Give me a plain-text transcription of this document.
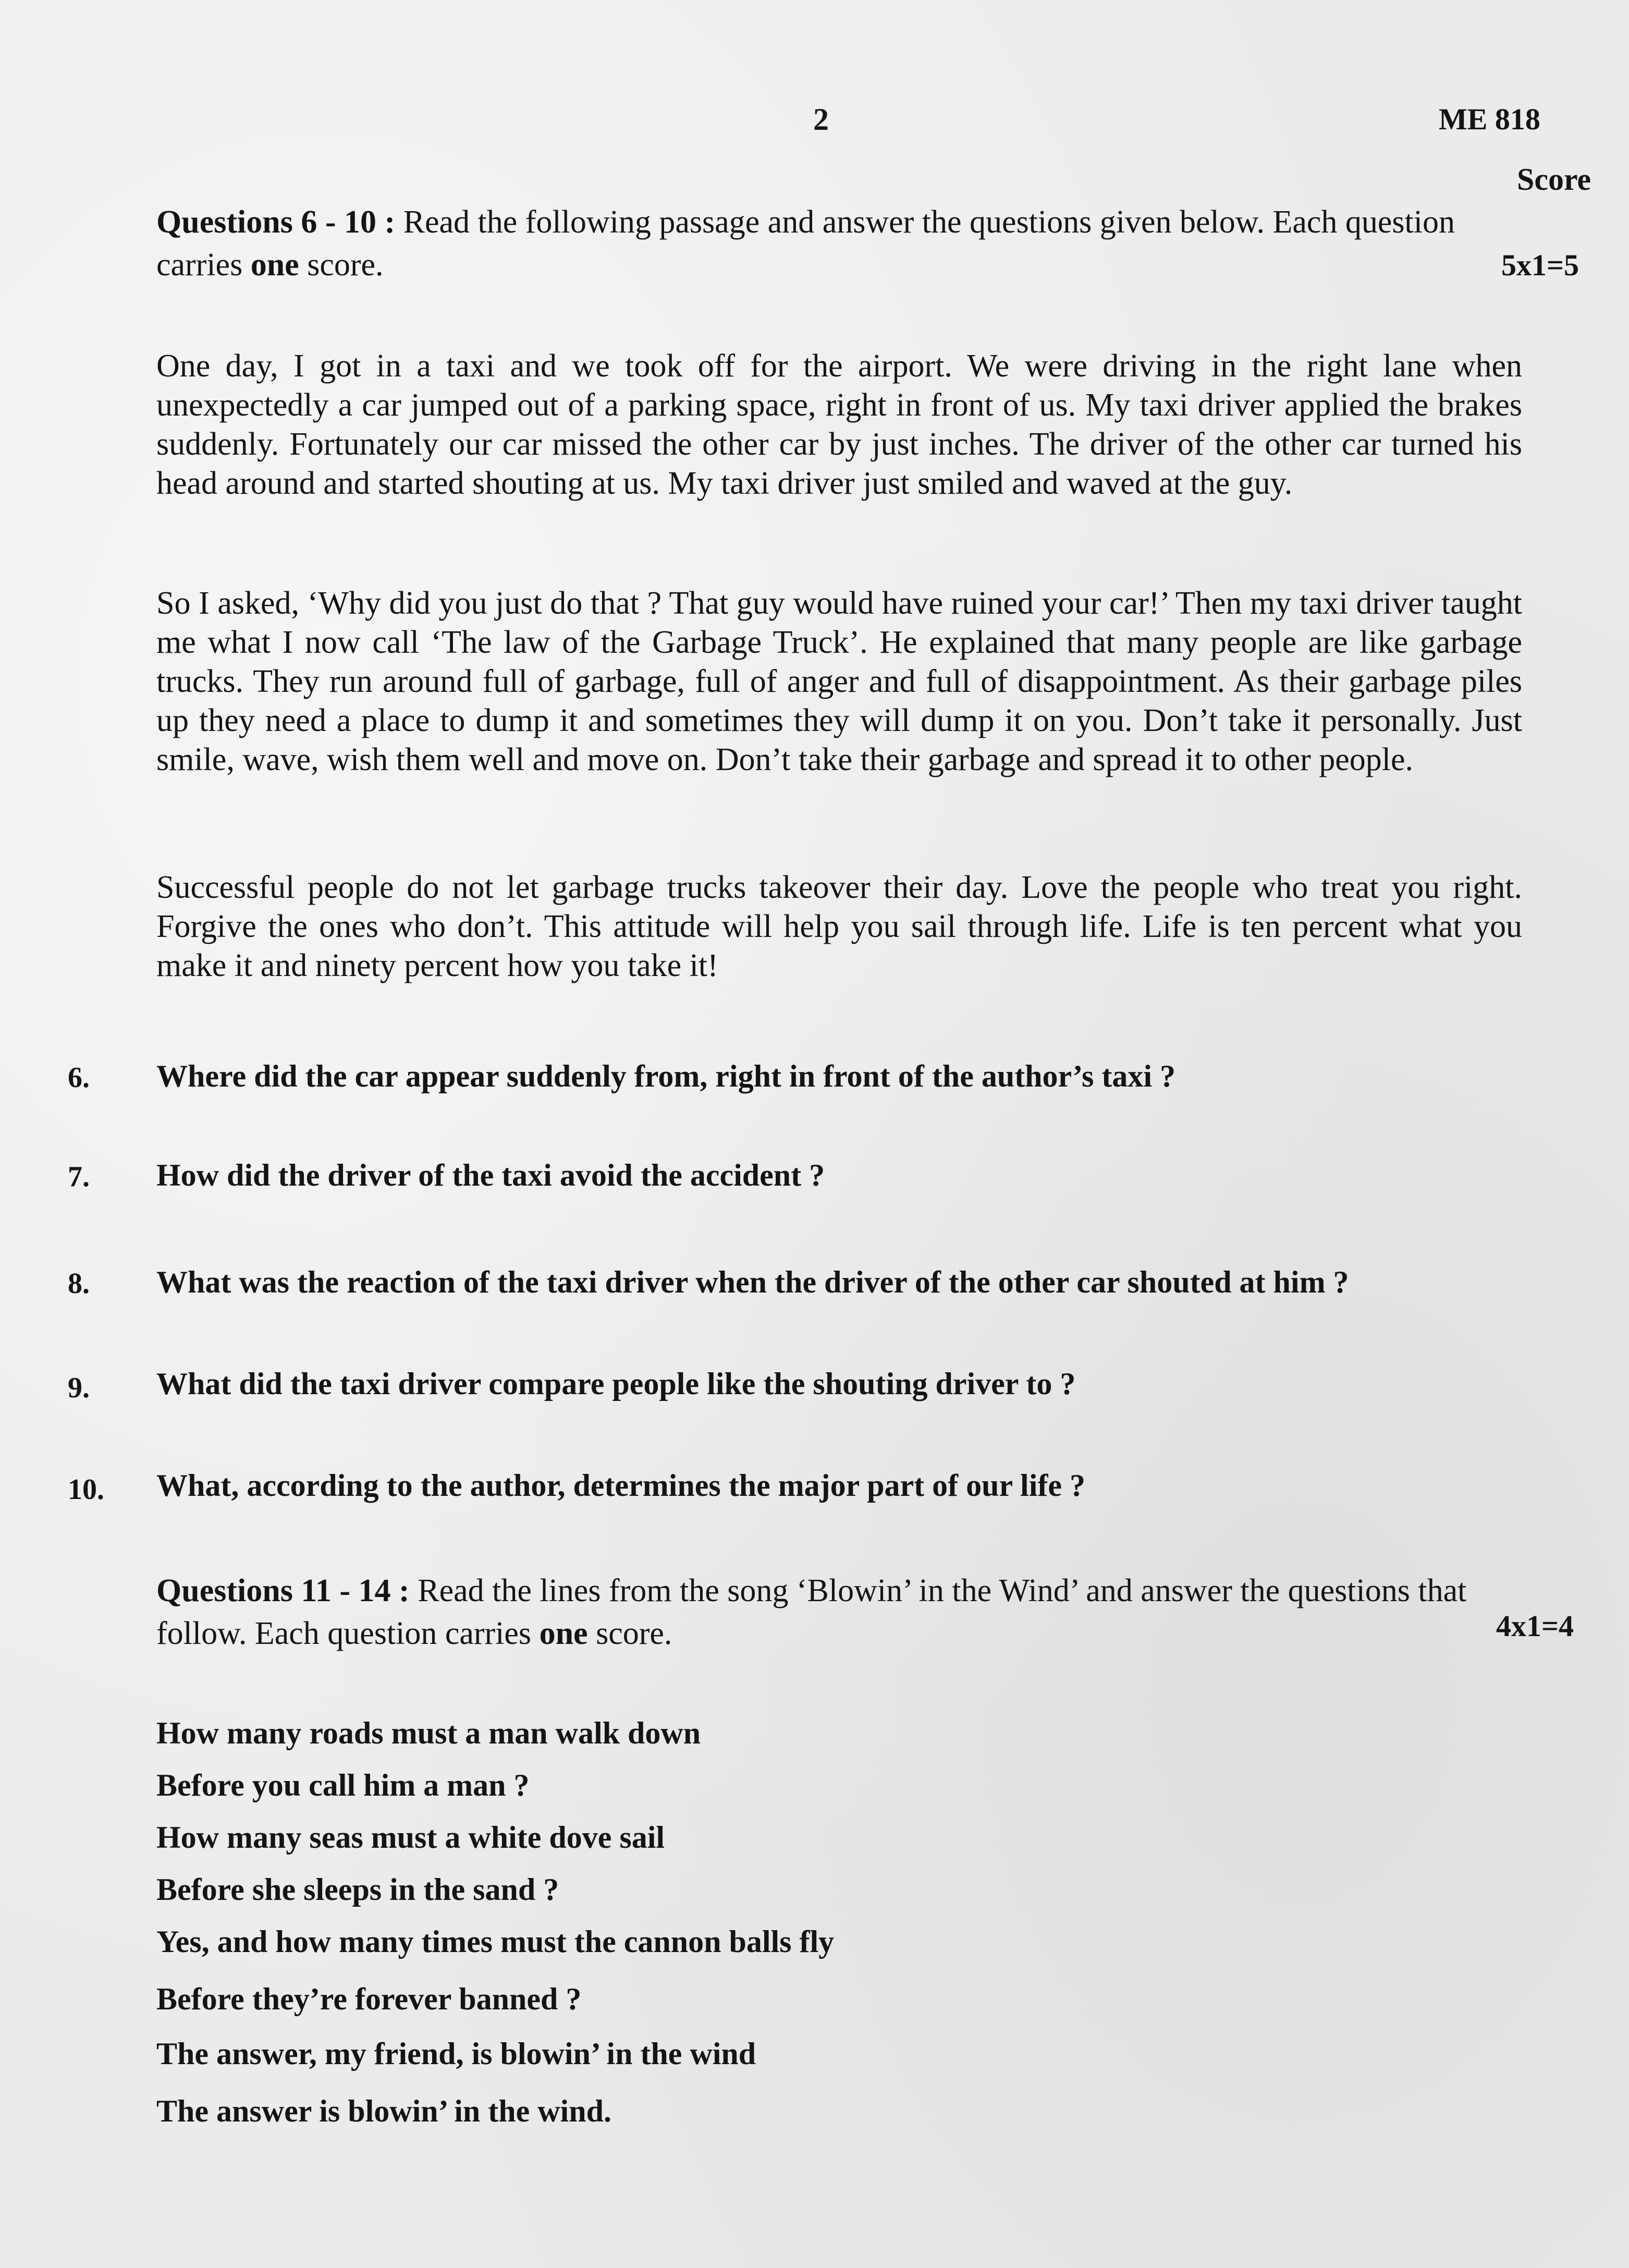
2	ME 818
Score
Questions 6 - 10 : Read the following passage and answer the questions given below. Each question carries one score.	5x1=5
One day, I got in a taxi and we took off for the airport. We were driving in the right lane when unexpectedly a car jumped out of a parking space, right in front of us. My taxi driver applied the brakes suddenly. Fortunately our car missed the other car by just inches. The driver of the other car turned his head around and started shouting at us. My taxi driver just smiled and waved at the guy.
So I asked, ‘Why did you just do that ? That guy would have ruined your car!’ Then my taxi driver taught me what I now call ‘The law of the Garbage Truck’. He explained that many people are like garbage trucks. They run around full of garbage, full of anger and full of disappointment. As their garbage piles up they need a place to dump it and sometimes they will dump it on you. Don’t take it personally. Just smile, wave, wish them well and move on. Don’t take their garbage and spread it to other people.
Successful people do not let garbage trucks takeover their day. Love the people who treat you right. Forgive the ones who don’t. This attitude will help you sail through life. Life is ten percent what you make it and ninety percent how you take it!
6. Where did the car appear suddenly from, right in front of the author’s taxi ?
7. How did the driver of the taxi avoid the accident ?
8. What was the reaction of the taxi driver when the driver of the other car shouted at him ?
9. What did the taxi driver compare people like the shouting driver to ?
10. What, according to the author, determines the major part of our life ?
Questions 11 - 14 : Read the lines from the song ‘Blowin’ in the Wind’ and answer the questions that follow. Each question carries one score.	4x1=4
How many roads must a man walk down
Before you call him a man ?
How many seas must a white dove sail
Before she sleeps in the sand ?
Yes, and how many times must the cannon balls fly
Before they’re forever banned ?
The answer, my friend, is blowin’ in the wind
The answer is blowin’ in the wind.
